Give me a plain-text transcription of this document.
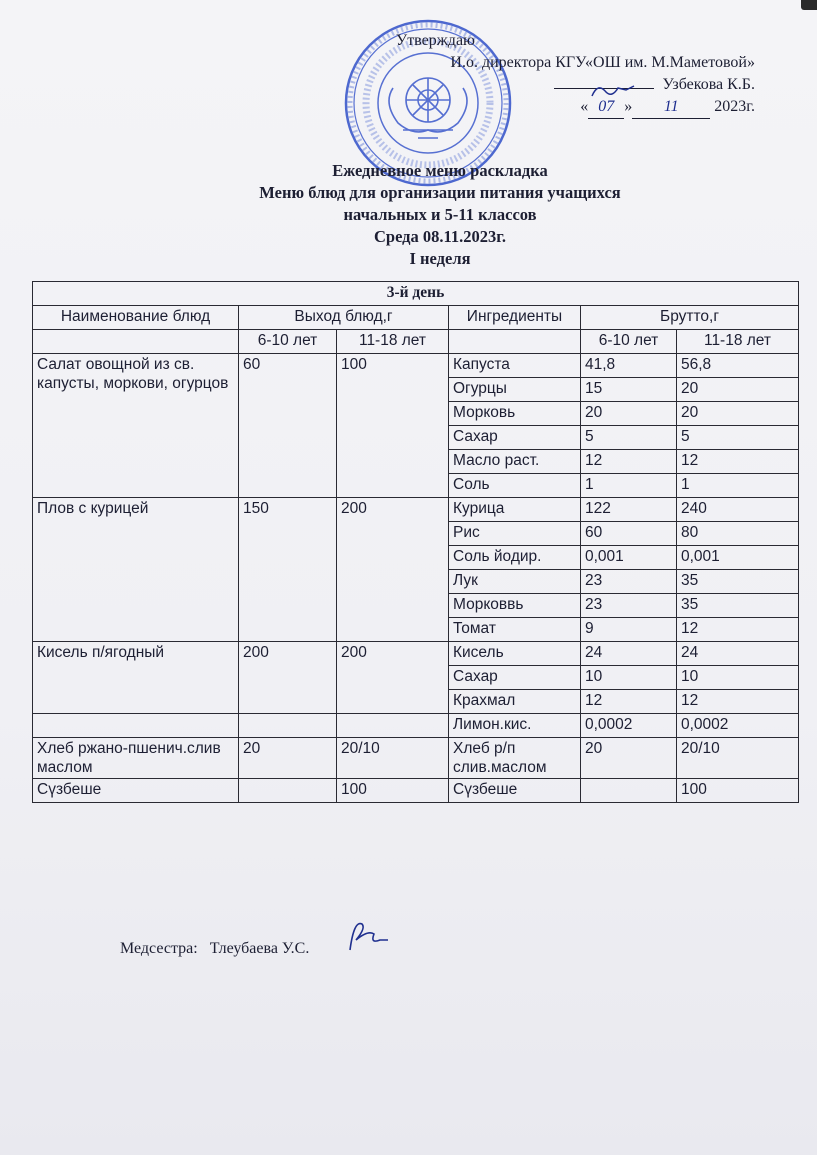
Утверждаю
И.о. директора КГУ«ОШ им. М.Маметовой»
Узбекова К.Б.
« 07 » 11 2023г.
Ежедневное меню раскладка
Меню блюд для организации питания учащихся
начальных и 5-11 классов
Среда 08.11.2023г.
I неделя
3-й день					
Наименование блюд	Выход блюд,г		Ингредиенты	Брутто,г	
	6-10 лет	11-18 лет		6-10 лет	11-18 лет
Салат овощной из св. капусты, моркови, огурцов	60	100	Капуста	41,8	56,8
			Огурцы	15	20
			Морковь	20	20
			Сахар	5	5
			Масло раст.	12	12
			Соль	1	1
Плов с курицей	150	200	Курица	122	240
			Рис	60	80
			Соль йодир.	0,001	0,001
			Лук	23	35
			Морковвь	23	35
			Томат	9	12
Кисель п/ягодный	200	200	Кисель	24	24
			Сахар	10	10
			Крахмал	12	12
			Лимон.кис.	0,0002	0,0002
Хлеб ржано-пшенич.слив маслом	20	20/10	Хлеб р/п слив.маслом	20	20/10
Сүзбеше		100	Сүзбеше		100
Медсестра: Тлеубаева У.С.
